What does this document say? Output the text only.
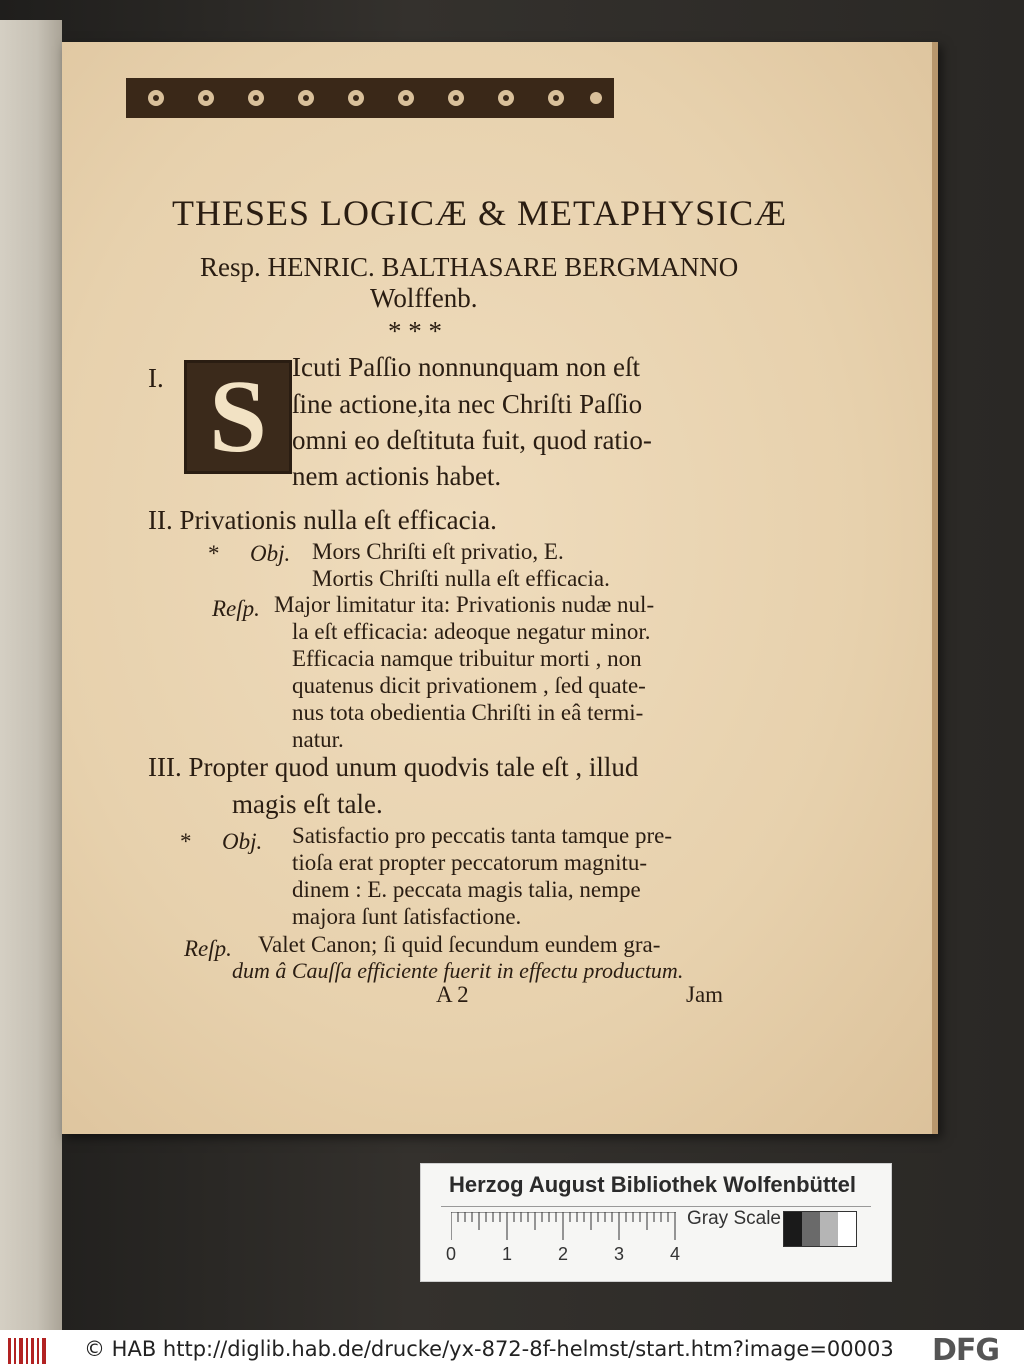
THESES LOGICÆ & METAPHYSICÆ
Resp. HENRIC. BALTHASARE BERGMANNO
Wolffenb.
* * *
I. S Icuti Paſſio nonnunquam non eſt
ſine actione,ita nec Chriſti Paſſio
omni eo deſtituta fuit, quod ratio-
nem actionis habet.
II. Privationis nulla eſt efficacia.
* Obj. Mors Chriſti eſt privatio, E.
Mortis Chriſti nulla eſt efficacia.
Reſp. Major limitatur ita: Privationis nudæ nul-
la eſt efficacia: adeoque negatur minor.
Efficacia namque tribuitur morti , non
quatenus dicit privationem , ſed quate-
nus tota obedientia Chriſti in eâ termi-
natur.
III. Propter quod unum quodvis tale eſt , illud
magis eſt tale.
* Obj. Satisfactio pro peccatis tanta tamque pre-
tioſa erat propter peccatorum magnitu-
dinem : E. peccata magis talia, nempe
majora ſunt ſatisfactione.
Reſp. Valet Canon; ſi quid ſecundum eundem gra-
dum â Cauſſa efficiente fuerit in effectu productum.
A 2	Jam
Herzog August Bibliothek Wolfenbüttel
0	1	2	3	4
Gray Scale
© HAB http://diglib.hab.de/drucke/yx-872-8f-helmst/start.htm?image=00003 DFG
